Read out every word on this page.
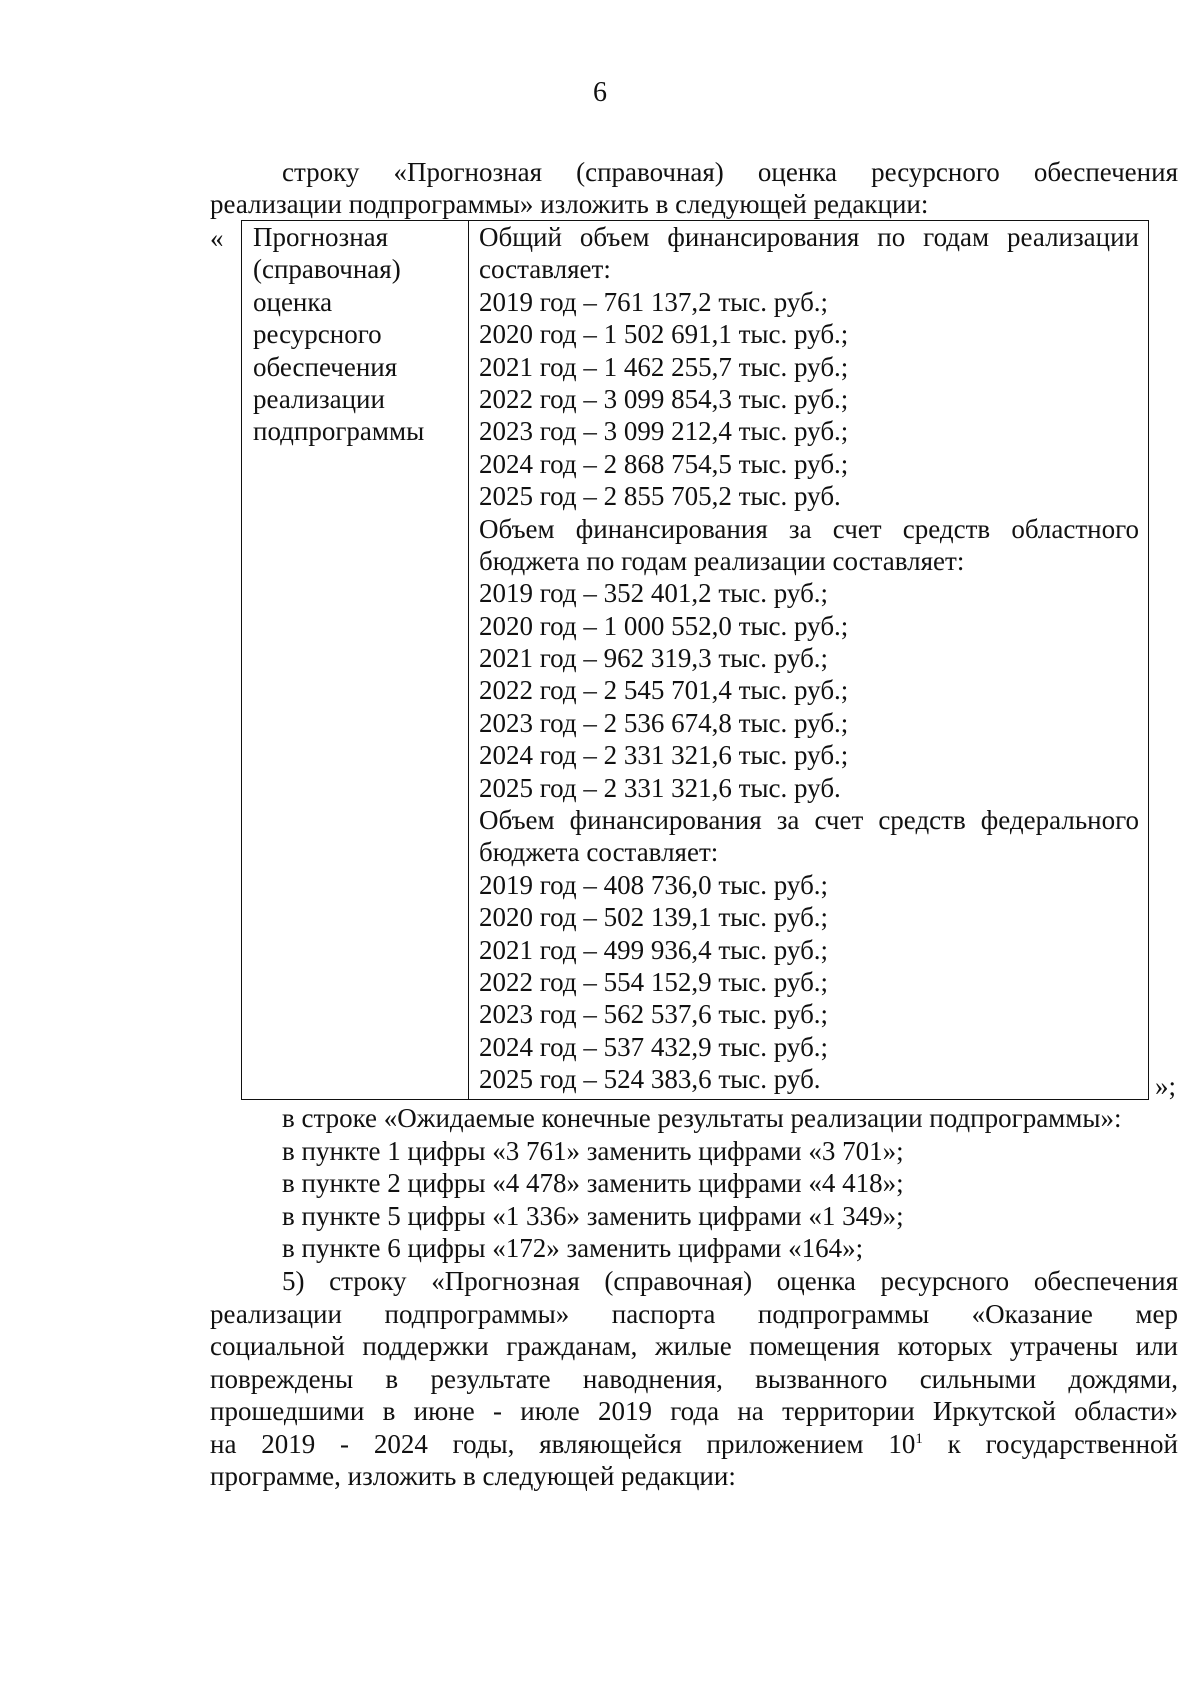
6
строку «Прогнозная (справочная) оценка ресурсного обеспечения
реализации подпрограммы» изложить в следующей редакции:
« Прогнозная
(справочная)
оценка
ресурсного
обеспечения
реализации
подпрограммы
Общий объем финансирования по годам реализации
составляет:
2019 год – 761 137,2 тыс. руб.;
2020 год – 1 502 691,1 тыс. руб.;
2021 год – 1 462 255,7 тыс. руб.;
2022 год – 3 099 854,3 тыс. руб.;
2023 год – 3 099 212,4 тыс. руб.;
2024 год – 2 868 754,5 тыс. руб.;
2025 год – 2 855 705,2 тыс. руб.
Объем финансирования за счет средств областного
бюджета по годам реализации составляет:
2019 год – 352 401,2 тыс. руб.;
2020 год – 1 000 552,0 тыс. руб.;
2021 год – 962 319,3 тыс. руб.;
2022 год – 2 545 701,4 тыс. руб.;
2023 год – 2 536 674,8 тыс. руб.;
2024 год – 2 331 321,6 тыс. руб.;
2025 год – 2 331 321,6 тыс. руб.
Объем финансирования за счет средств федерального
бюджета составляет:
2019 год – 408 736,0 тыс. руб.;
2020 год – 502 139,1 тыс. руб.;
2021 год – 499 936,4 тыс. руб.;
2022 год – 554 152,9 тыс. руб.;
2023 год – 562 537,6 тыс. руб.;
2024 год – 537 432,9 тыс. руб.;
2025 год – 524 383,6 тыс. руб.	»;
в строке «Ожидаемые конечные результаты реализации подпрограммы»:
в пункте 1 цифры «3 761» заменить цифрами «3 701»;
в пункте 2 цифры «4 478» заменить цифрами «4 418»;
в пункте 5 цифры «1 336» заменить цифрами «1 349»;
в пункте 6 цифры «172» заменить цифрами «164»;
5) строку «Прогнозная (справочная) оценка ресурсного обеспечения
реализации подпрограммы» паспорта подпрограммы «Оказание мер
социальной поддержки гражданам, жилые помещения которых утрачены или
повреждены в результате наводнения, вызванного сильными дождями,
прошедшими в июне - июле 2019 года на территории Иркутской области»
на 2019 - 2024 годы, являющейся приложением $10^1$ к государственной
программе, изложить в следующей редакции:
